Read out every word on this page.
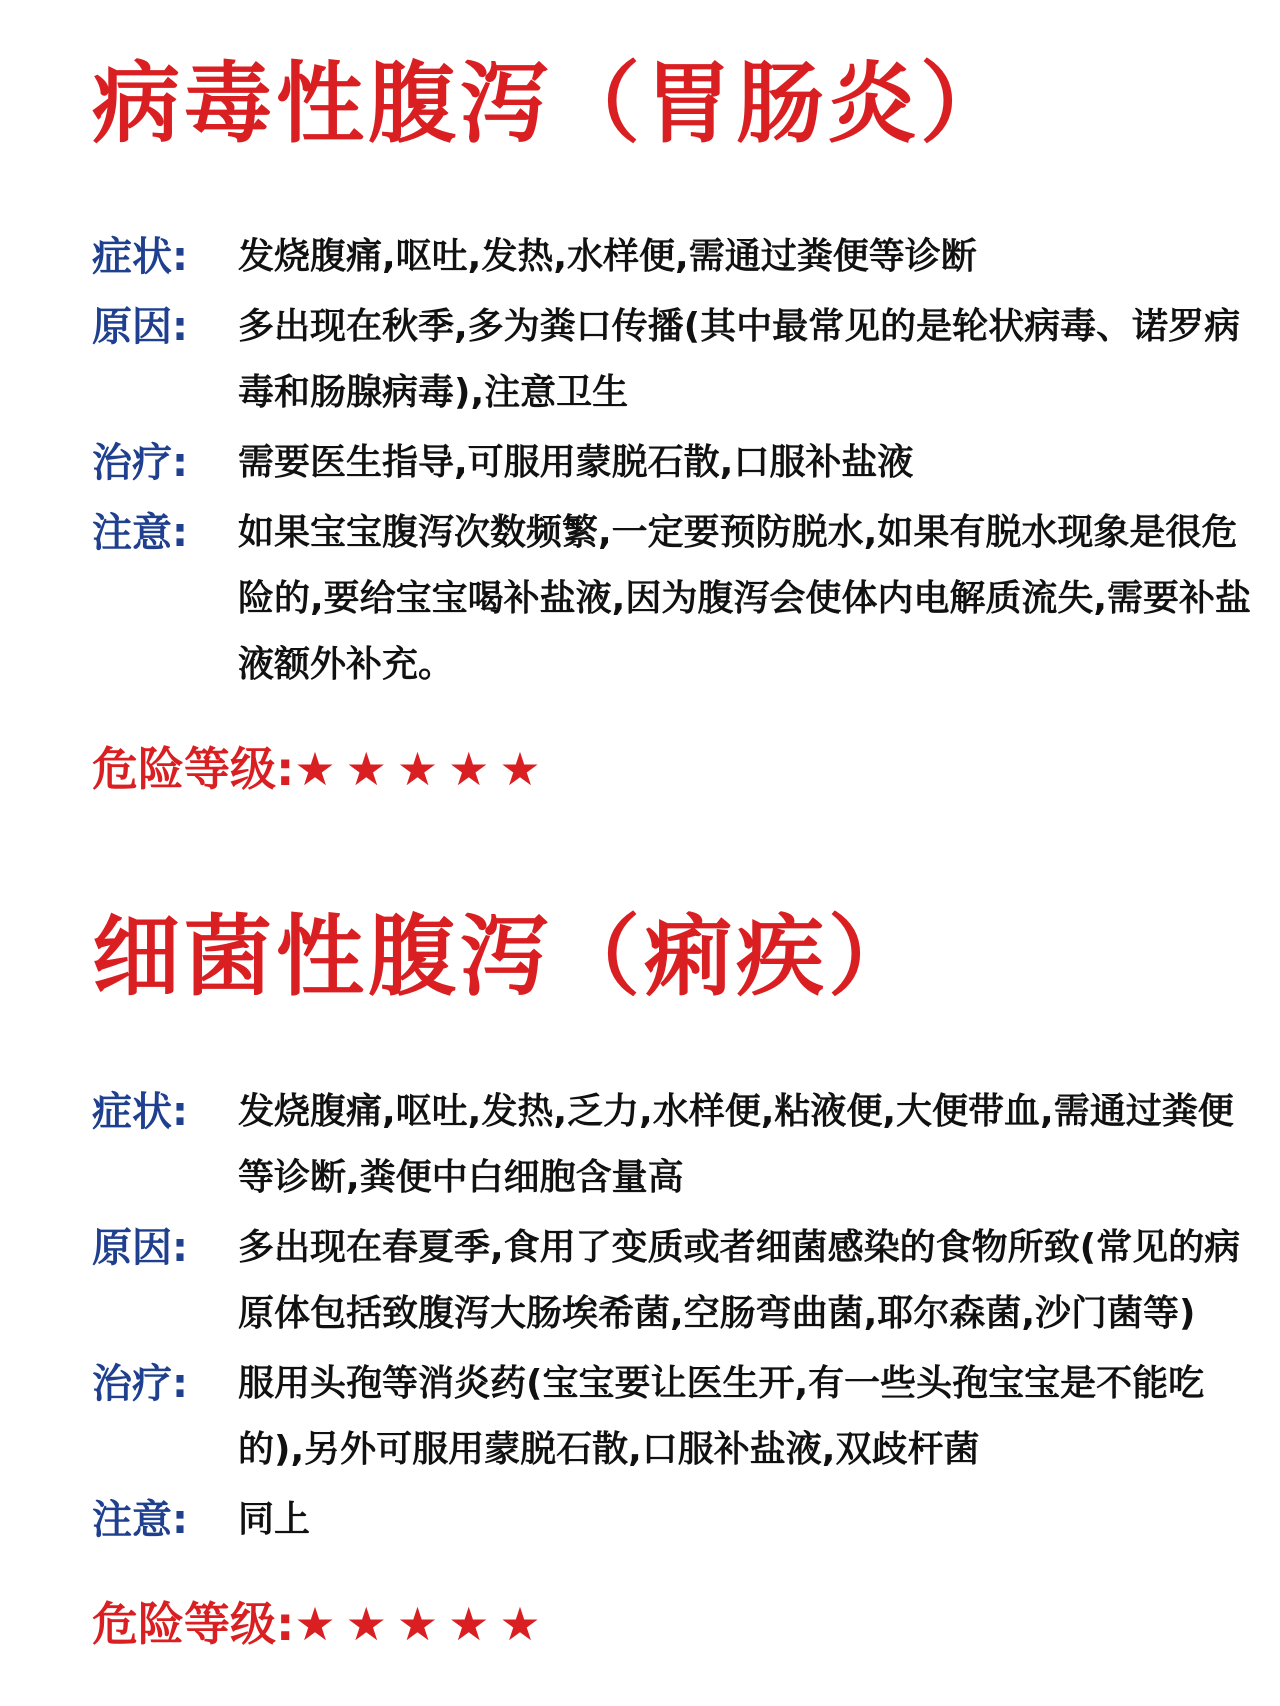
病毒性腹泻（胃肠炎）
症状:	发烧腹痛,呕吐,发热,水样便,需通过粪便等诊断
原因:	多出现在秋季,多为粪口传播(其中最常见的是轮状病毒、诺罗病毒和肠腺病毒),注意卫生
治疗:	需要医生指导,可服用蒙脱石散,口服补盐液
注意:	如果宝宝腹泻次数频繁,一定要预防脱水,如果有脱水现象是很危险的,要给宝宝喝补盐液,因为腹泻会使体内电解质流失,需要补盐液额外补充。
危险等级: ★★★★★
细菌性腹泻（痢疾）
症状:	发烧腹痛,呕吐,发热,乏力,水样便,粘液便,大便带血,需通过粪便等诊断,粪便中白细胞含量高
原因:	多出现在春夏季,食用了变质或者细菌感染的食物所致(常见的病原体包括致腹泻大肠埃希菌,空肠弯曲菌,耶尔森菌,沙门菌等)
治疗:	服用头孢等消炎药(宝宝要让医生开,有一些头孢宝宝是不能吃的),另外可服用蒙脱石散,口服补盐液,双歧杆菌
注意:	同上
危险等级: ★★★★★
